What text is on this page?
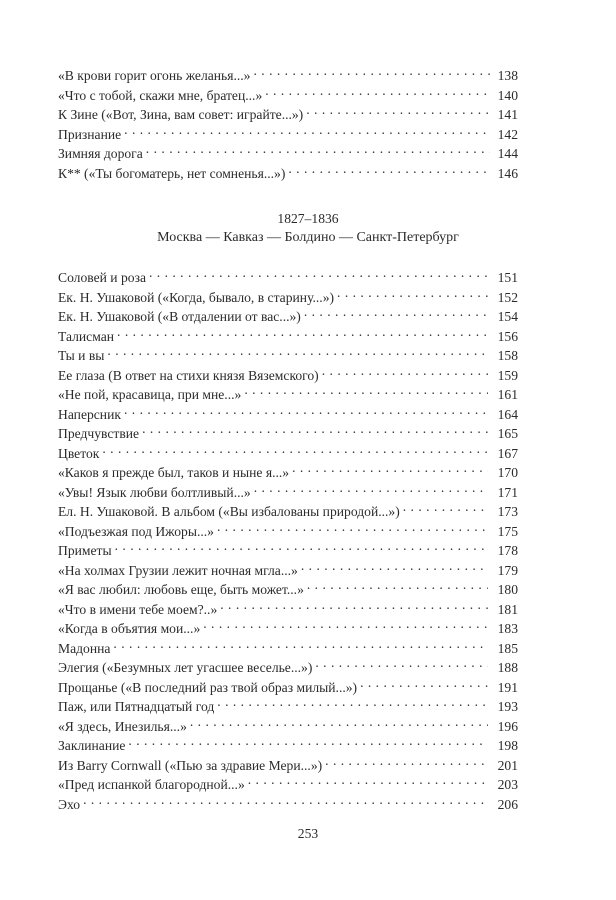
«В крови горит огонь желанья...» . . .	138
«Что с тобой, скажи мне, братец...» . . .	140
К Зине («Вот, Зина, вам совет: играйте...») . . .	141
Признание . . .	142
Зимняя дорога . . .	144
К** («Ты богоматерь, нет сомненья...») . . .	146
1827–1836
Москва — Кавказ — Болдино — Санкт-Петербург
Соловей и роза . . .	151
Ек. Н. Ушаковой («Когда, бывало, в старину...») . . .	152
Ек. Н. Ушаковой («В отдалении от вас...») . . .	154
Талисман . . .	156
Ты и вы . . .	158
Ее глаза (В ответ на стихи князя Вяземского) . . .	159
«Не пой, красавица, при мне...» . . .	161
Наперсник . . .	164
Предчувствие . . .	165
Цветок . . .	167
«Каков я прежде был, таков и ныне я...» . . .	170
«Увы! Язык любви болтливый...» . . .	171
Ел. Н. Ушаковой. В альбом («Вы избалованы природой...») . . .	173
«Подъезжая под Ижоры...» . . .	175
Приметы . . .	178
«На холмах Грузии лежит ночная мгла...» . . .	179
«Я вас любил: любовь еще, быть может...» . . .	180
«Что в имени тебе моем?..» . . .	181
«Когда в объятия мои...» . . .	183
Мадонна . . .	185
Элегия («Безумных лет угасшее веселье...») . . .	188
Прощанье («В последний раз твой образ милый...») . . .	191
Паж, или Пятнадцатый год . . .	193
«Я здесь, Инезилья...» . . .	196
Заклинание . . .	198
Из Barry Cornwall («Пью за здравие Мери...») . . .	201
«Пред испанкой благородной...» . . .	203
Эхо . . .	206
253
